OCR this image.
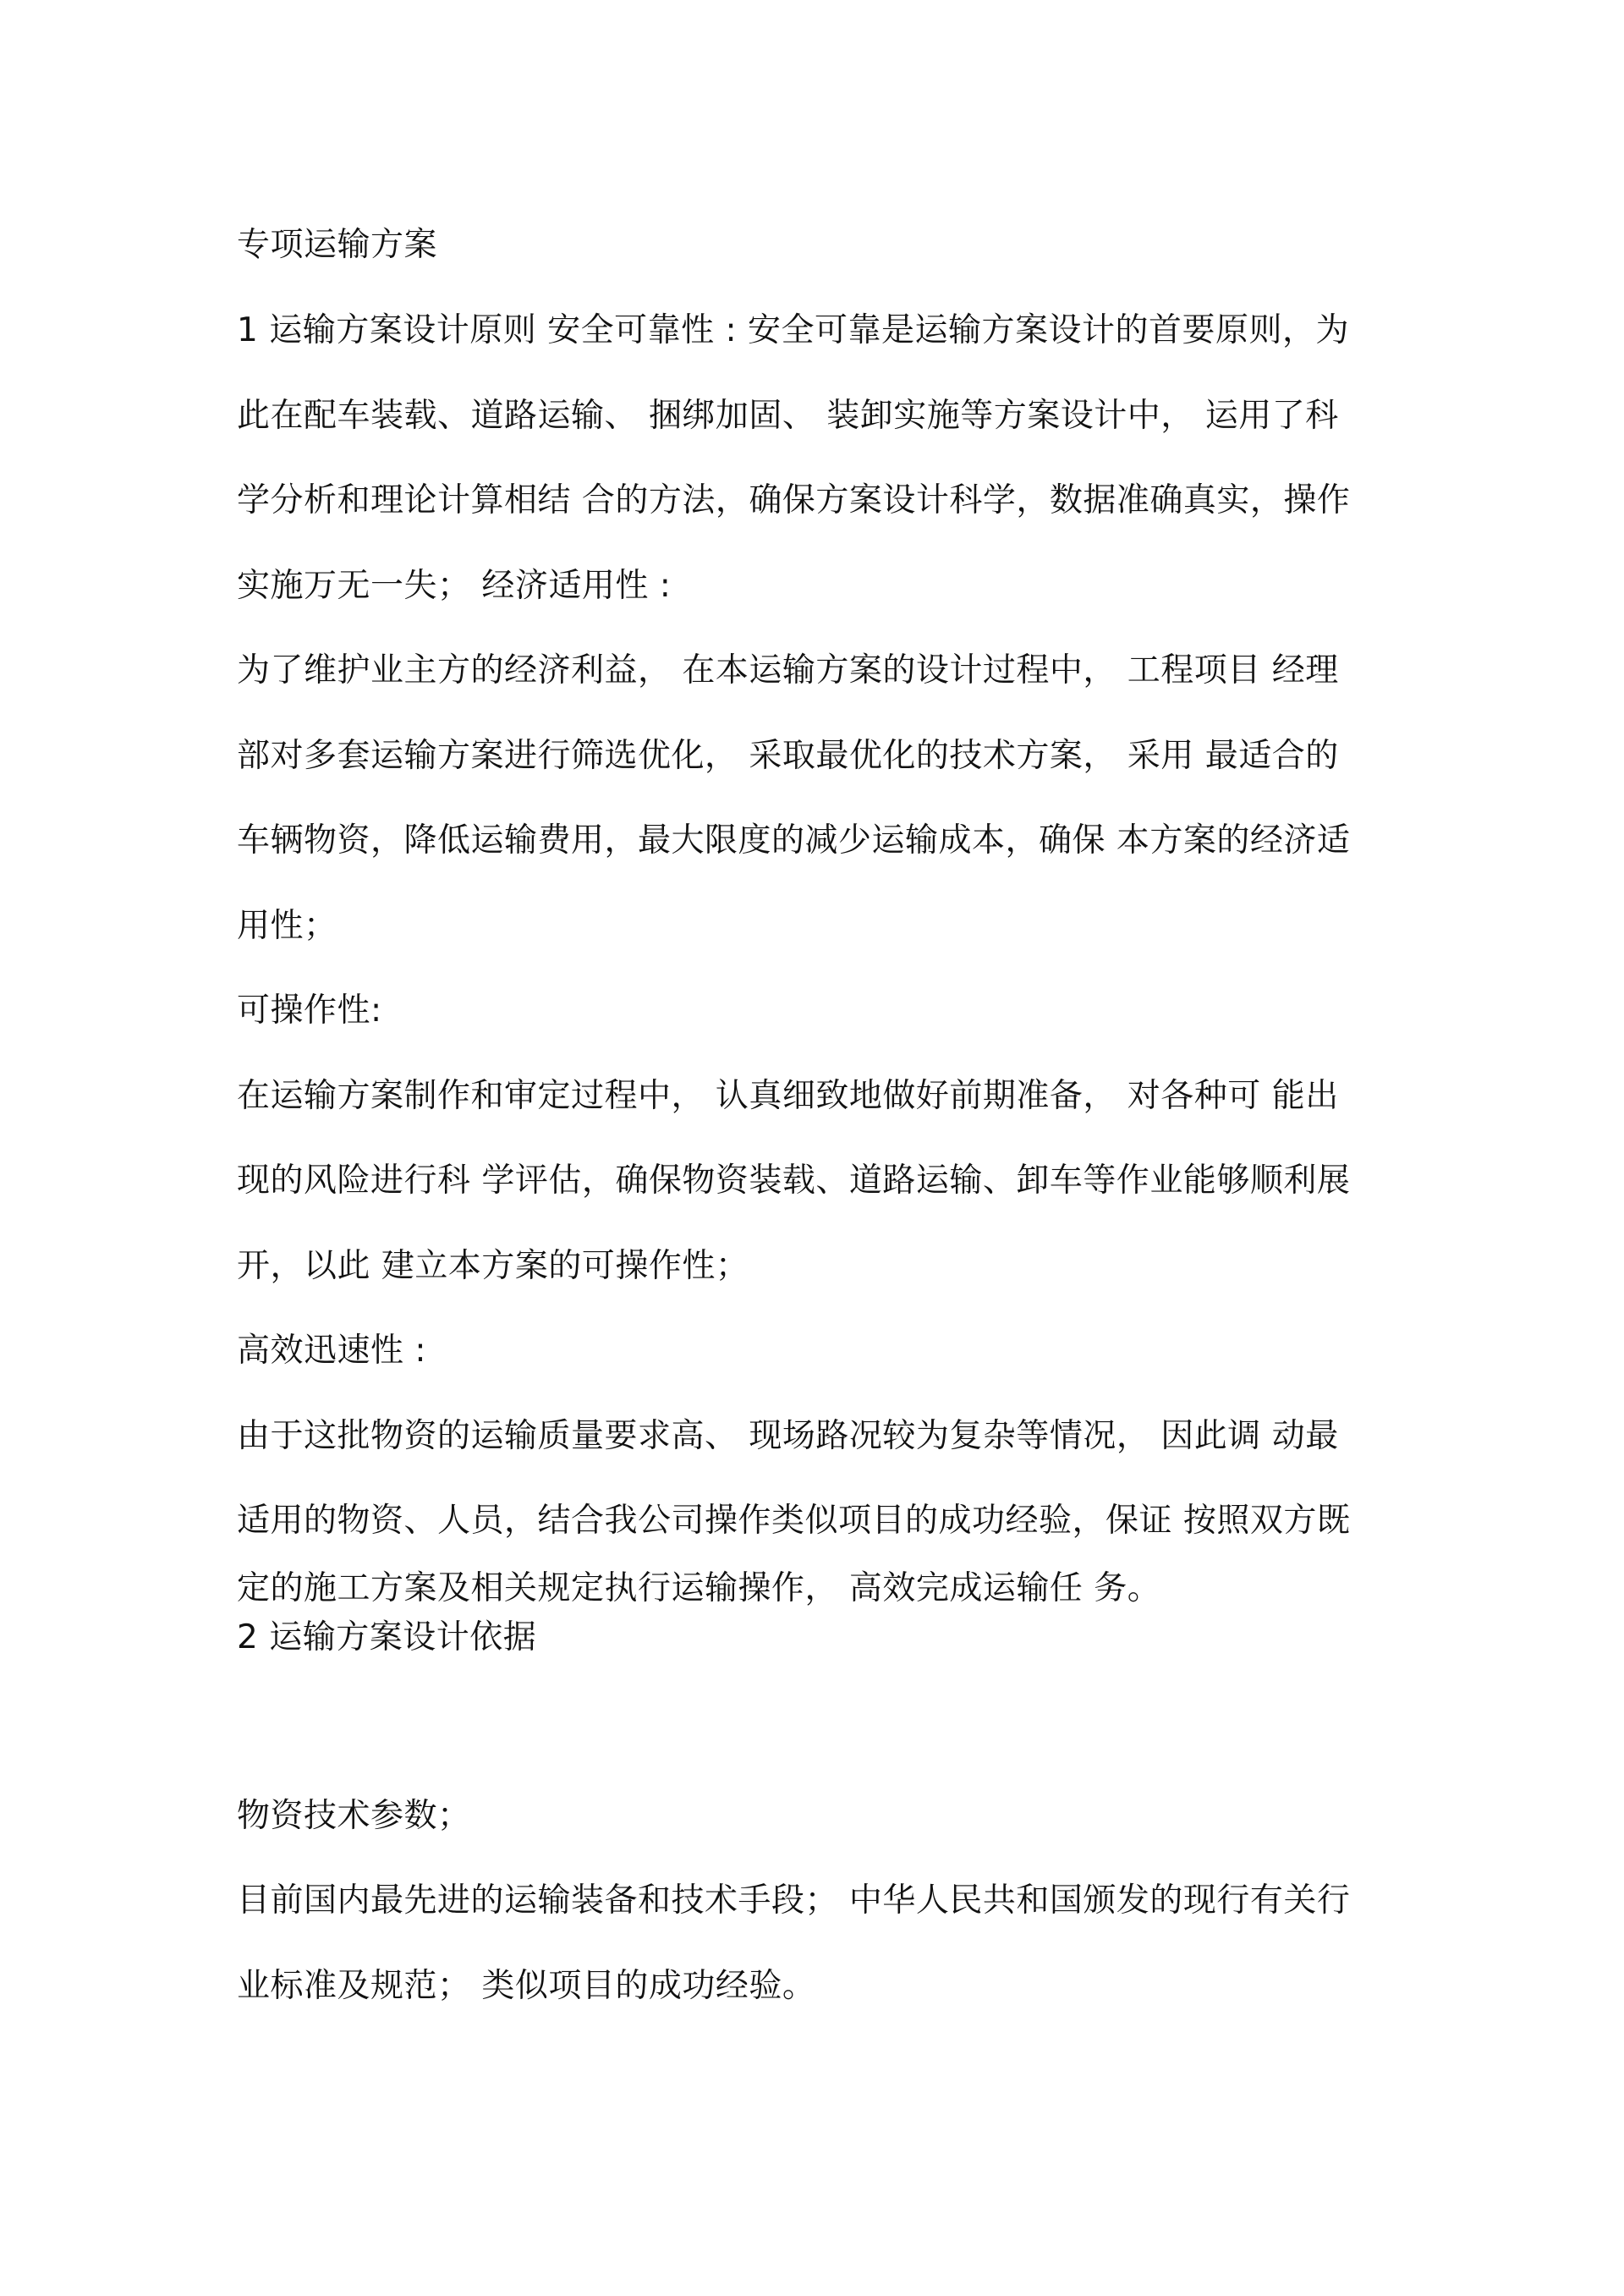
专项运输方案
1 运输方案设计原则 安全可靠性 : 安全可靠是运输方案设计的首要原则，为
此在配车装载、道路运输、 捆绑加固、 装卸实施等方案设计中， 运用了科
学分析和理论计算相结 合的方法，确保方案设计科学，数据准确真实，操作
实施万无一失； 经济适用性 :
为了维护业主方的经济利益， 在本运输方案的设计过程中， 工程项目 经理
部对多套运输方案进行筛选优化， 采取最优化的技术方案， 采用 最适合的
车辆物资，降低运输费用，最大限度的减少运输成本，确保 本方案的经济适
用性；
可操作性:
在运输方案制作和审定过程中， 认真细致地做好前期准备， 对各种可 能出
现的风险进行科 学评估，确保物资装载、道路运输、卸车等作业能够顺利展
开，以此 建立本方案的可操作性；
高效迅速性 :
由于这批物资的运输质量要求高、 现场路况较为复杂等情况， 因此调 动最
适用的物资、人员，结合我公司操作类似项目的成功经验，保证 按照双方既
定的施工方案及相关规定执行运输操作， 高效完成运输任 务。
2 运输方案设计依据
物资技术参数；
目前国内最先进的运输装备和技术手段； 中华人民共和国颁发的现行有关行
业标准及规范； 类似项目的成功经验。
